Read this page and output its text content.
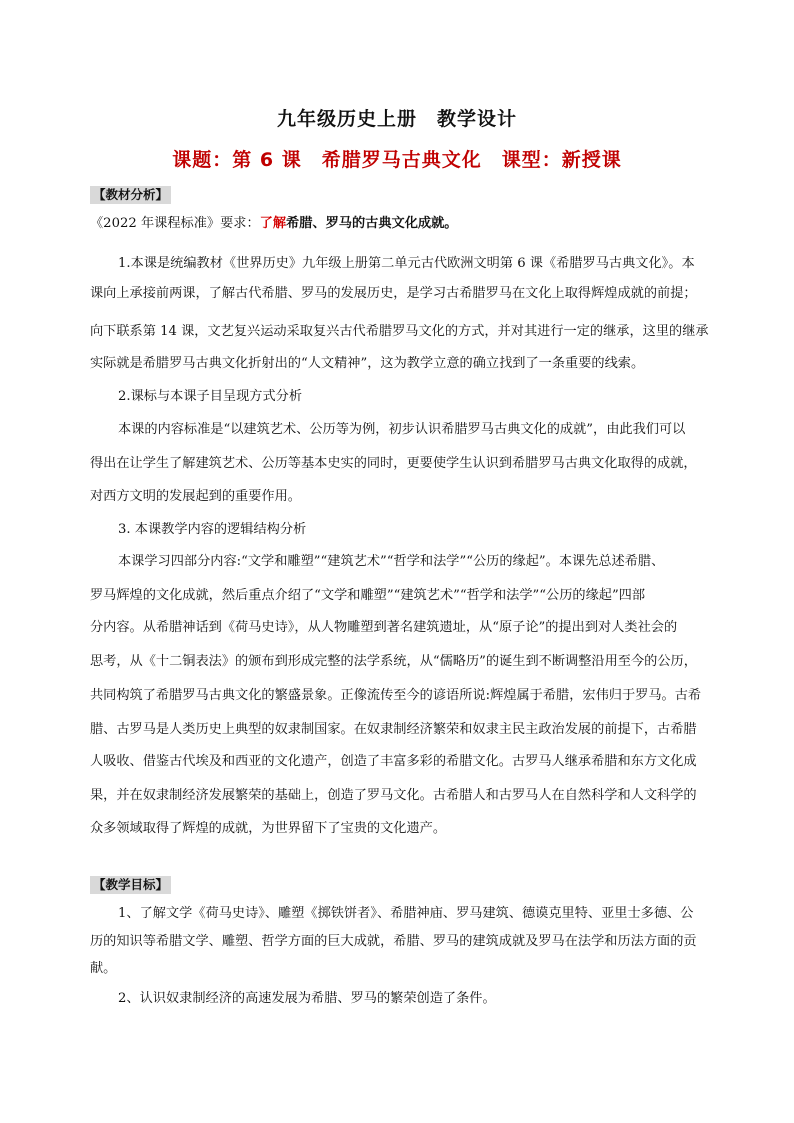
九年级历史上册　教学设计
课题：第 6 课　希腊罗马古典文化　课型：新授课
【教材分析】
《2022 年课程标准》要求：了解希腊、罗马的古典文化成就。
1.本课是统编教材《世界历史》九年级上册第二单元古代欧洲文明第 6 课《希腊罗马古典文化》。本
课向上承接前两课，了解古代希腊、罗马的发展历史，是学习古希腊罗马在文化上取得辉煌成就的前提；
向下联系第 14 课，文艺复兴运动采取复兴古代希腊罗马文化的方式，并对其进行一定的继承，这里的继承
实际就是希腊罗马古典文化折射出的“人文精神”，这为教学立意的确立找到了一条重要的线索。
2.课标与本课子目呈现方式分析
本课的内容标准是“以建筑艺术、公历等为例，初步认识希腊罗马古典文化的成就”，由此我们可以
得出在让学生了解建筑艺术、公历等基本史实的同时，更要使学生认识到希腊罗马古典文化取得的成就，
对西方文明的发展起到的重要作用。
3. 本课教学内容的逻辑结构分析
本课学习四部分内容:“文学和雕塑”“建筑艺术”“哲学和法学”“公历的缘起”。本课先总述希腊、
罗马辉煌的文化成就，然后重点介绍了“文学和雕塑”“建筑艺术”“哲学和法学”“公历的缘起”四部
分内容。从希腊神话到《荷马史诗》，从人物雕塑到著名建筑遗址，从“原子论”的提出到对人类社会的
思考，从《十二铜表法》的颁布到形成完整的法学系统，从“儒略历”的诞生到不断调整沿用至今的公历，
共同构筑了希腊罗马古典文化的繁盛景象。正像流传至今的谚语所说:辉煌属于希腊，宏伟归于罗马。古希
腊、古罗马是人类历史上典型的奴隶制国家。在奴隶制经济繁荣和奴隶主民主政治发展的前提下，古希腊
人吸收、借鉴古代埃及和西亚的文化遗产，创造了丰富多彩的希腊文化。古罗马人继承希腊和东方文化成
果，并在奴隶制经济发展繁荣的基础上，创造了罗马文化。古希腊人和古罗马人在自然科学和人文科学的
众多领域取得了辉煌的成就，为世界留下了宝贵的文化遗产。
【教学目标】
1、了解文学《荷马史诗》、雕塑《掷铁饼者》、希腊神庙、罗马建筑、德谟克里特、亚里士多德、公
历的知识等希腊文学、雕塑、哲学方面的巨大成就，希腊、罗马的建筑成就及罗马在法学和历法方面的贡
献。
2、认识奴隶制经济的高速发展为希腊、罗马的繁荣创造了条件。
